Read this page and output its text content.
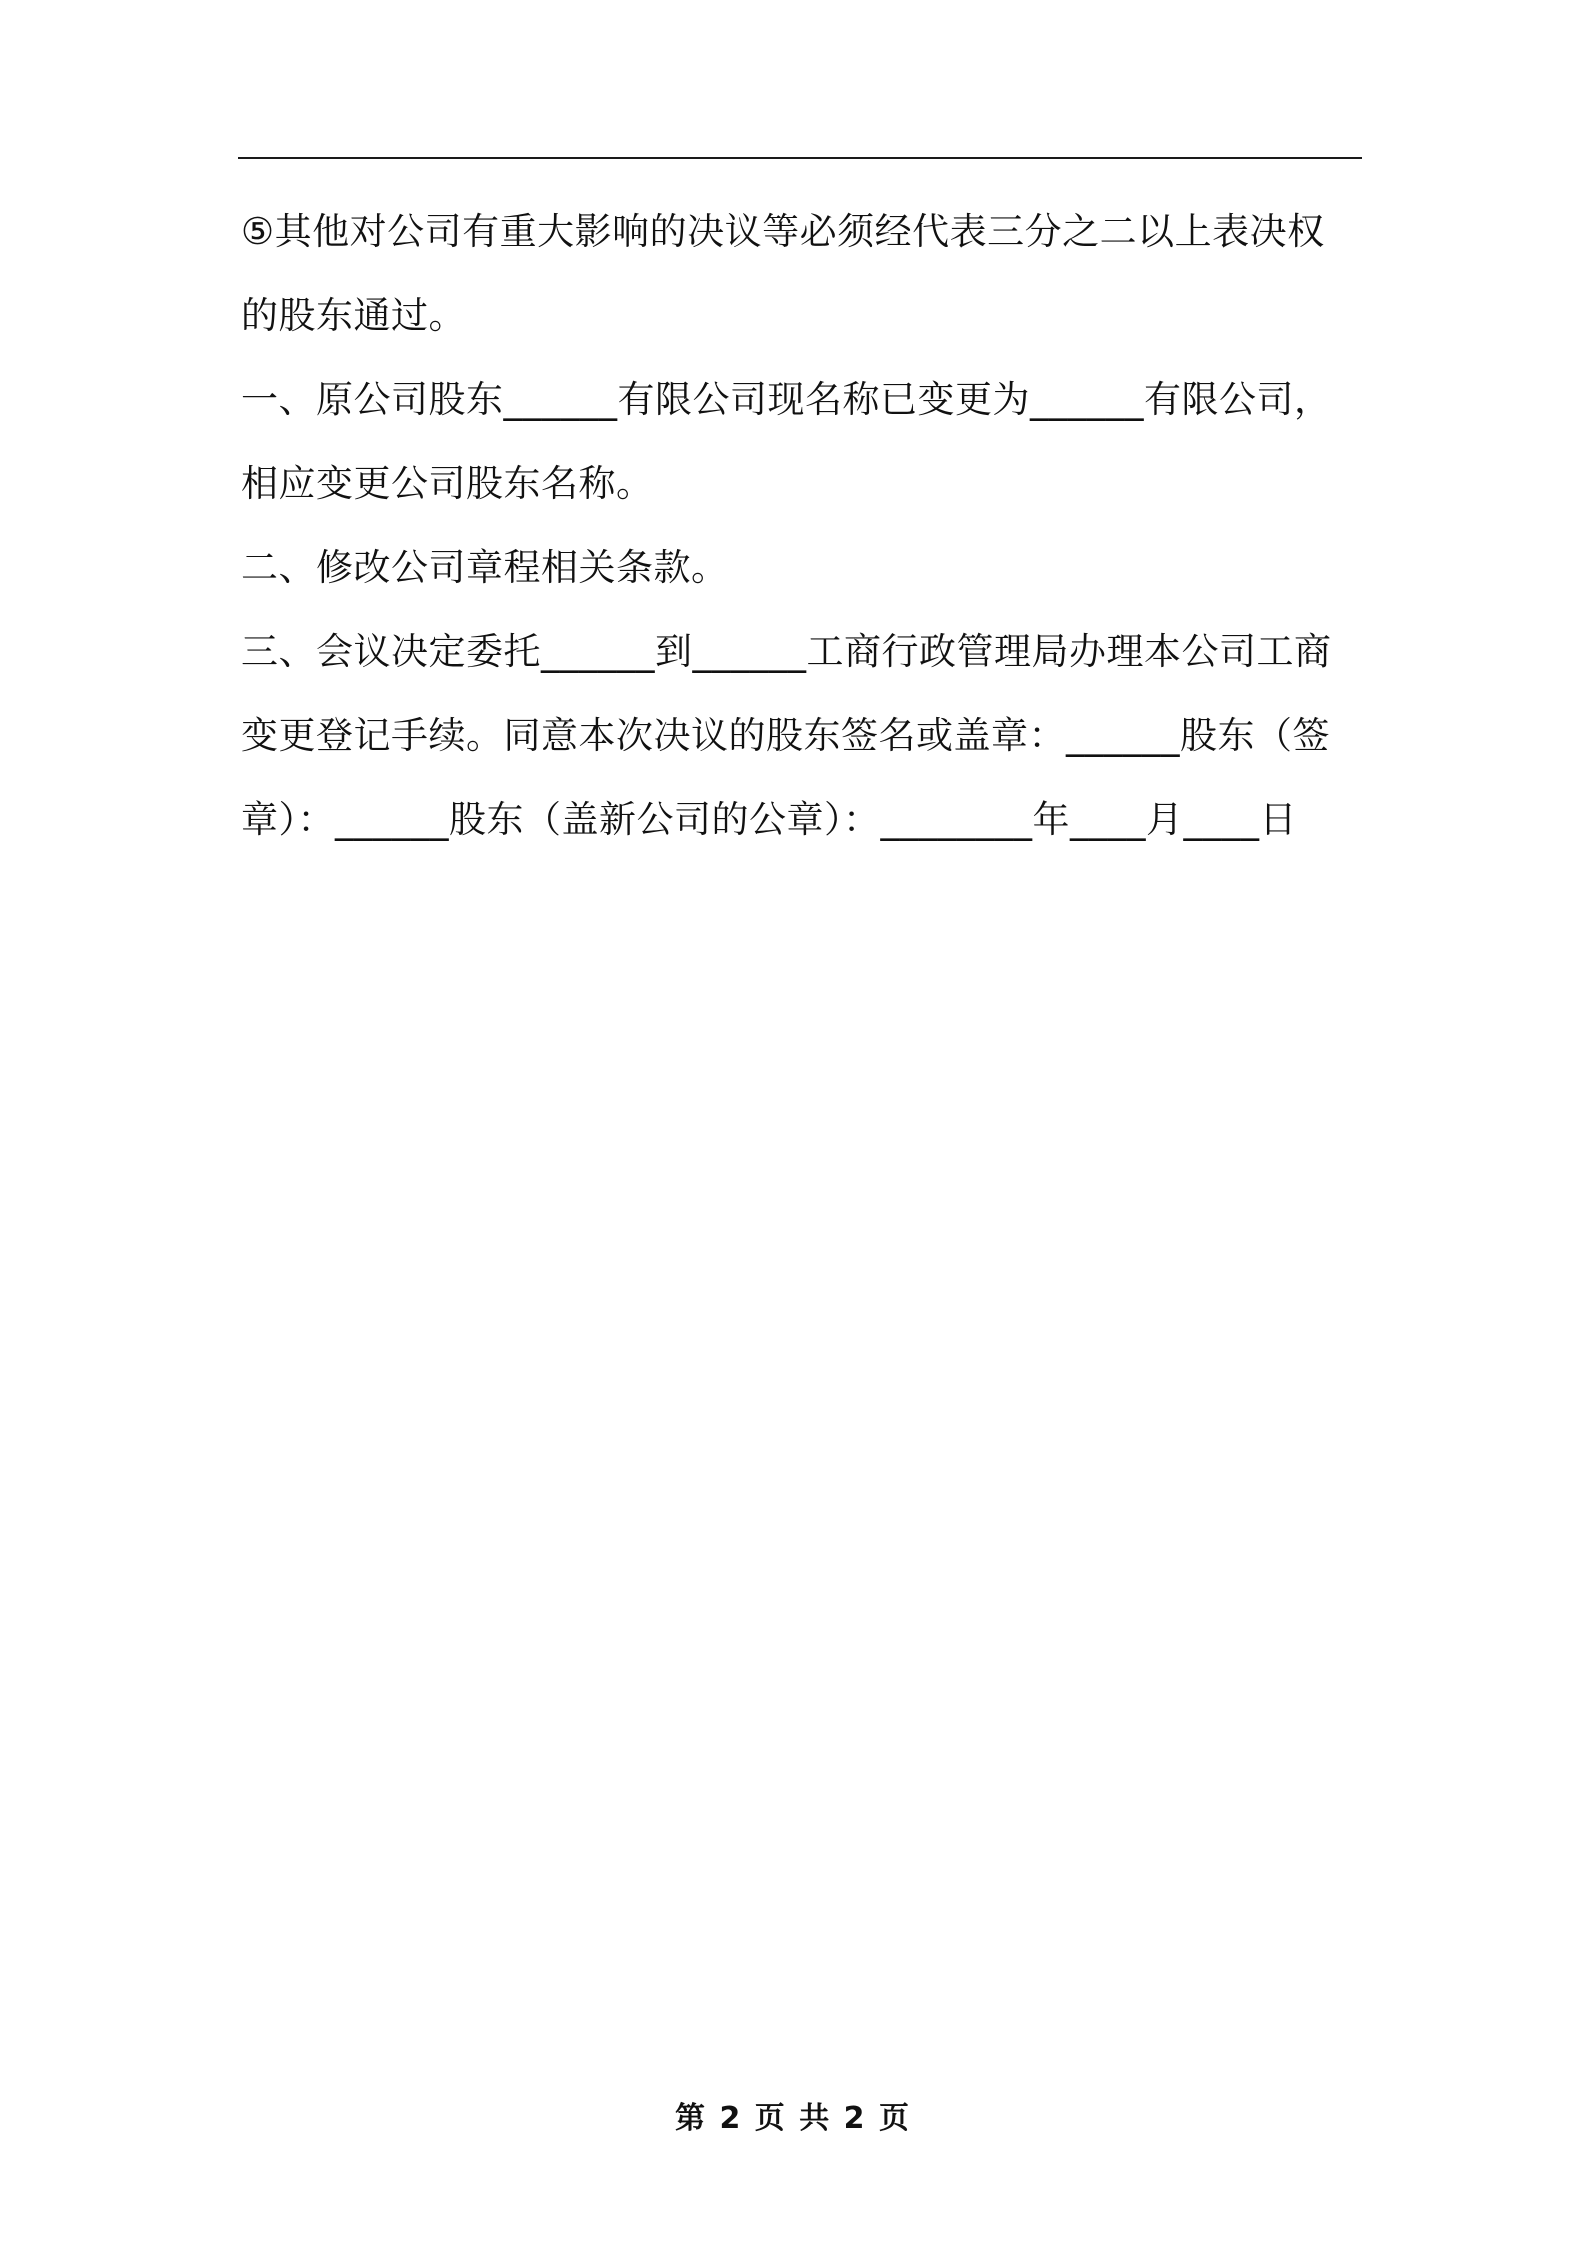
⑤其他对公司有重大影响的决议等必须经代表三分之二以上表决权
的股东通过。
一、原公司股东______有限公司现名称已变更为______有限公司，
相应变更公司股东名称。
二、修改公司章程相关条款。
三、会议决定委托______到______工商行政管理局办理本公司工商
变更登记手续。同意本次决议的股东签名或盖章：______股东（签
章）：______股东（盖新公司的公章）：________年____月____日
第 2 页 共 2 页
